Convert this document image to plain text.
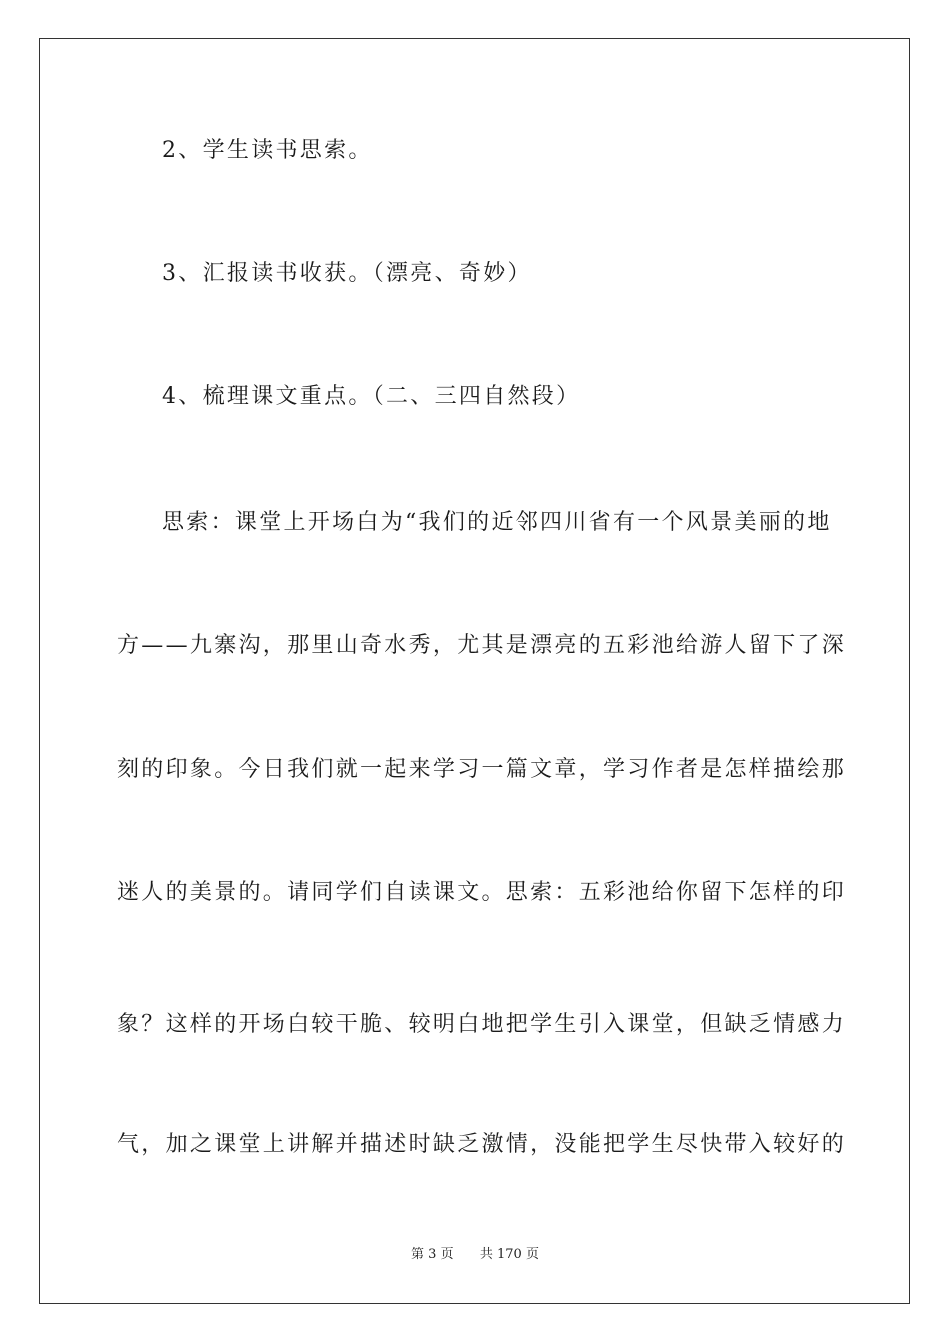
2、学生读书思索。
3、汇报读书收获。（漂亮、奇妙）
4、梳理课文重点。（二、三四自然段）
思索：课堂上开场白为“我们的近邻四川省有一个风景美丽的地
方——九寨沟，那里山奇水秀，尤其是漂亮的五彩池给游人留下了深
刻的印象。今日我们就一起来学习一篇文章，学习作者是怎样描绘那
迷人的美景的。请同学们自读课文。思索：五彩池给你留下怎样的印
象？这样的开场白较干脆、较明白地把学生引入课堂，但缺乏情感力
气，加之课堂上讲解并描述时缺乏激情，没能把学生尽快带入较好的
第 3 页 共 170 页
